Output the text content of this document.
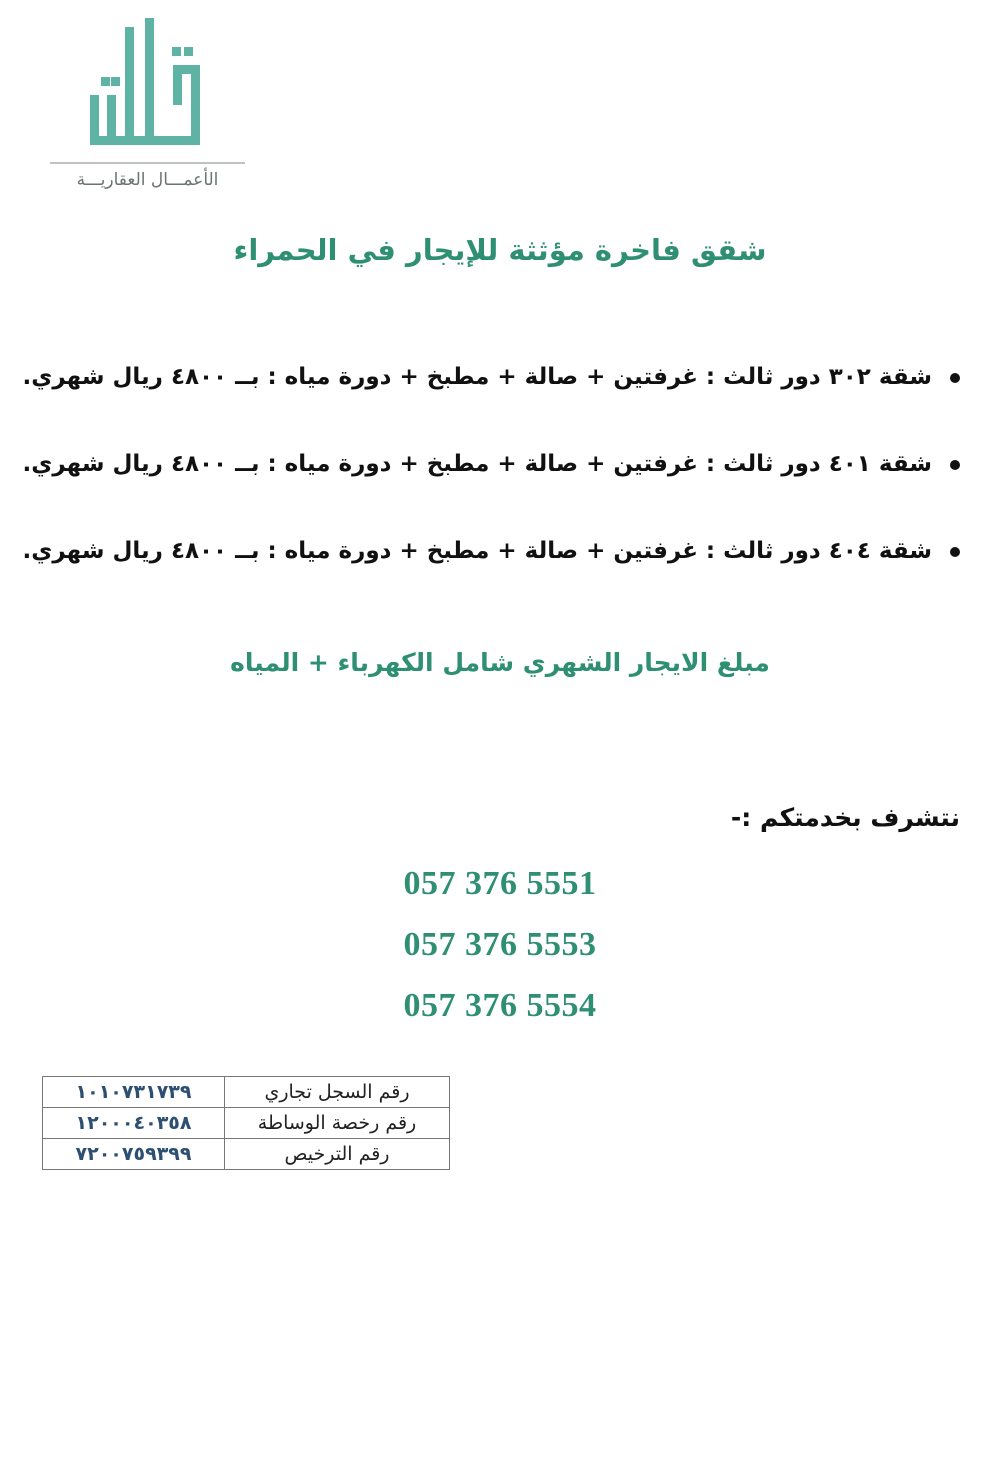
الأعمـــال العقاريـــة
شقق فاخرة مؤثثة للإيجار في الحمراء
شقة ٣٠٢ دور ثالث : غرفتين + صالة + مطبخ + دورة مياه : بــ ٤٨٠٠ ريال شهري.
شقة ٤٠١ دور ثالث : غرفتين + صالة + مطبخ + دورة مياه : بــ ٤٨٠٠ ريال شهري.
شقة ٤٠٤ دور ثالث : غرفتين + صالة + مطبخ + دورة مياه : بــ ٤٨٠٠ ريال شهري.
مبلغ الايجار الشهري شامل الكهرباء + المياه
نتشرف بخدمتكم :-
057 376 5551
057 376 5553
057 376 5554
رقم السجل تجاري	١٠١٠٧٣١٧٣٩
رقم رخصة الوساطة	١٢٠٠٠٤٠٣٥٨
رقم الترخيص	٧٢٠٠٧٥٩٣٩٩
